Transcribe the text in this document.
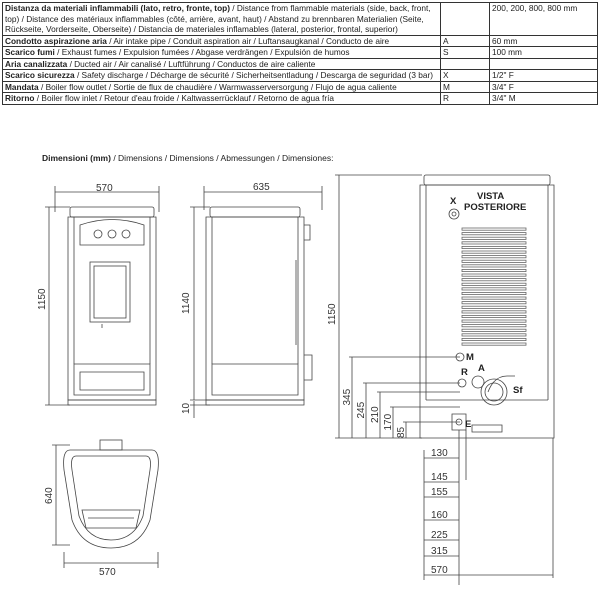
Distanza da materiali inflammabili (lato, retro, fronte, top) / Distance from flammable materials (side, back, front, top) / Distance des matériaux inflammables (côté, arrière, avant, haut) / Abstand zu brennbaren Materialien (Seite, Rückseite, Vorderseite, Oberseite) / Distancia de materiales inflamables (lateral, posterior, frontal, superior)		200, 200, 800, 800 mm
Condotto aspirazione aria / Air intake pipe / Conduit aspiration air / Luftansaugkanal / Conducto de aire	A	60 mm
Scarico fumi / Exhaust fumes / Expulsion fumées / Abgase verdrängen / Expulsión de humos	S	100 mm
Aria canalizzata / Ducted air / Air canalisé / Luftführung / Conductos de aire caliente		
Scarico sicurezza / Safety discharge / Décharge de sécurité / Sicherheitsentladung / Descarga de seguridad (3 bar)	X	1/2" F
Mandata / Boiler flow outlet / Sortie de flux de chaudière / Warmwasserversorgung / Flujo de agua caliente	M	3/4" F
Ritorno / Boiler flow inlet / Retour d'eau froide / Kaltwasserrücklauf / Retorno de agua fría	R	3/4" M
Dimensioni (mm) / Dimensions / Dimensions / Abmessungen / Dimensiones:
570
1150
635
1140
10
640
570
1150
VISTA
POSTERIORE
X
M
R A
Sf
E
345
245 210 170
85
130
145
155
160
225
315
570
